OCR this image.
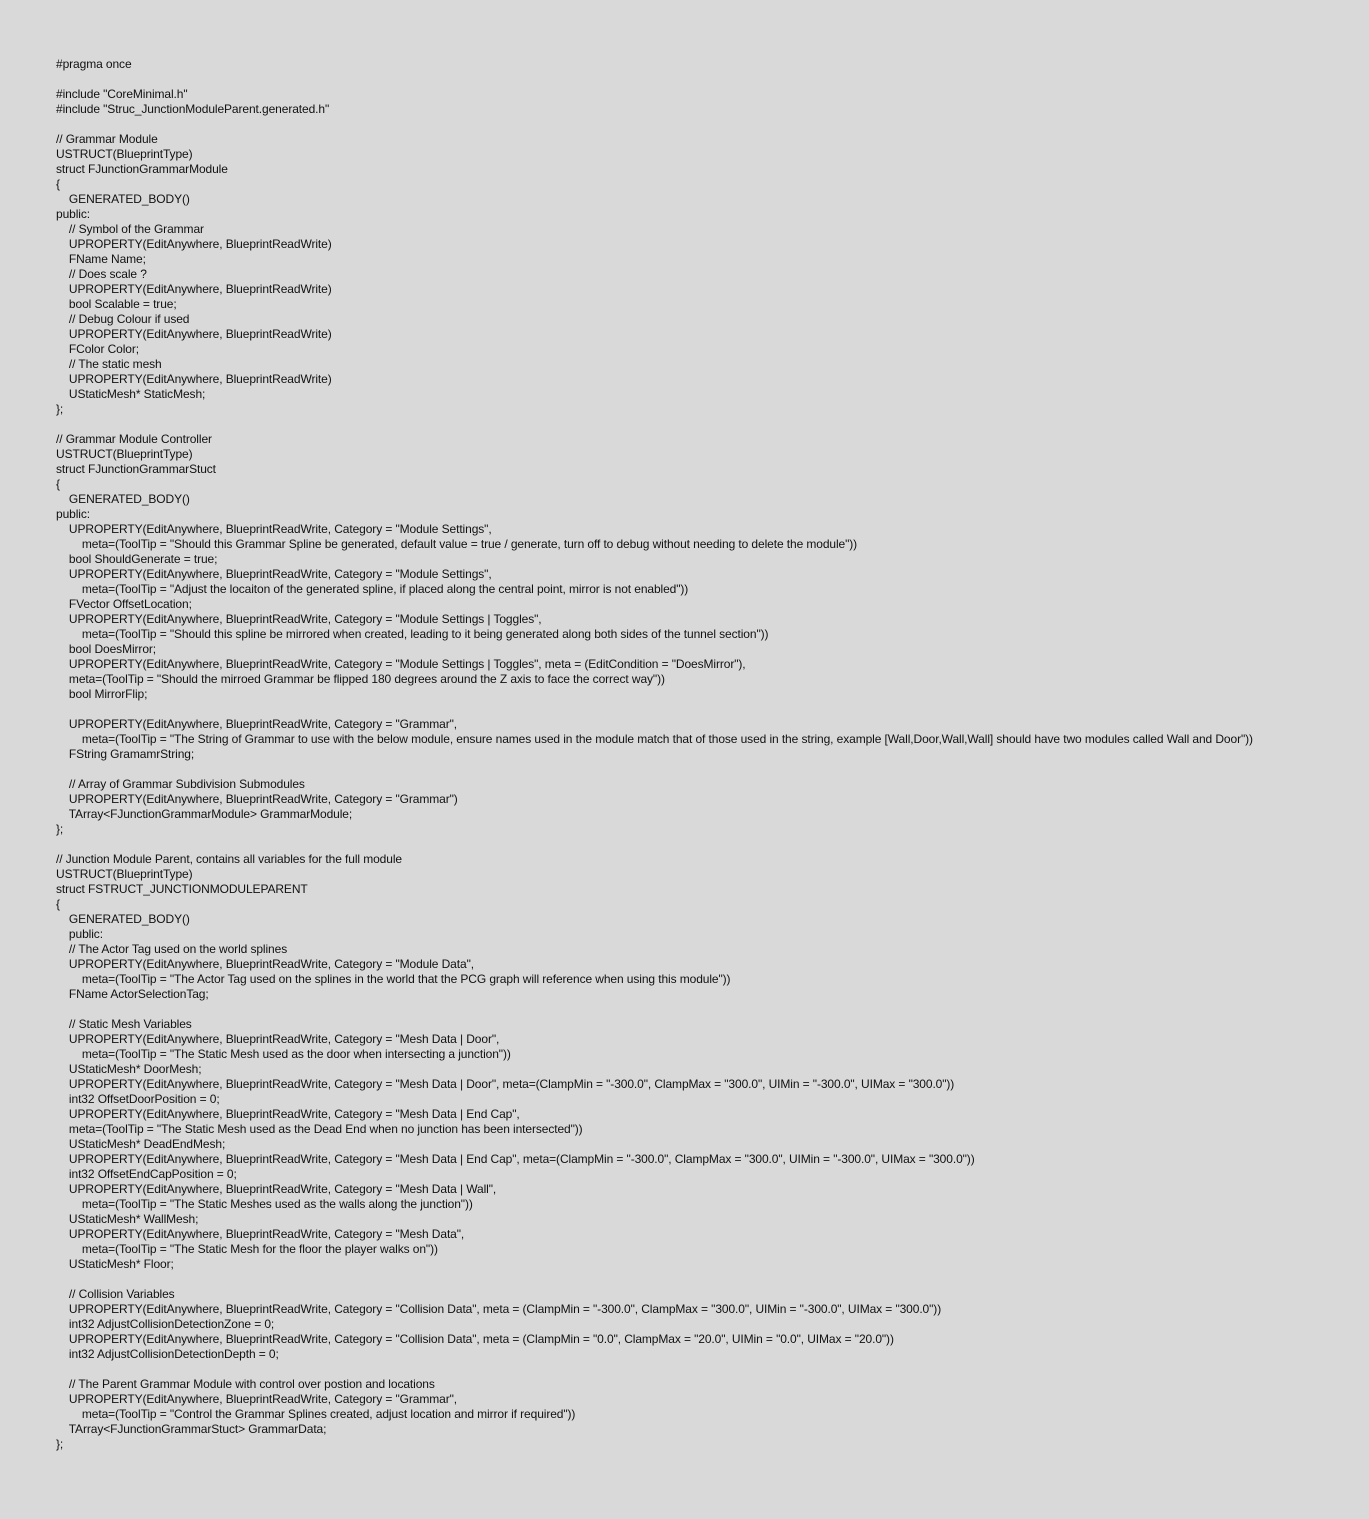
#pragma once
#include "CoreMinimal.h"
#include "Struc_JunctionModuleParent.generated.h"
// Grammar Module
USTRUCT(BlueprintType)
struct FJunctionGrammarModule
{
GENERATED_BODY()
public:
// Symbol of the Grammar
UPROPERTY(EditAnywhere, BlueprintReadWrite)
FName Name;
// Does scale ?
UPROPERTY(EditAnywhere, BlueprintReadWrite)
bool Scalable = true;
// Debug Colour if used
UPROPERTY(EditAnywhere, BlueprintReadWrite)
FColor Color;
// The static mesh
UPROPERTY(EditAnywhere, BlueprintReadWrite)
UStaticMesh* StaticMesh;
};
// Grammar Module Controller
USTRUCT(BlueprintType)
struct FJunctionGrammarStuct
{
GENERATED_BODY()
public:
UPROPERTY(EditAnywhere, BlueprintReadWrite, Category = "Module Settings",
meta=(ToolTip = "Should this Grammar Spline be generated, default value = true / generate, turn off to debug without needing to delete the module"))
bool ShouldGenerate = true;
UPROPERTY(EditAnywhere, BlueprintReadWrite, Category = "Module Settings",
meta=(ToolTip = "Adjust the locaiton of the generated spline, if placed along the central point, mirror is not enabled"))
FVector OffsetLocation;
UPROPERTY(EditAnywhere, BlueprintReadWrite, Category = "Module Settings | Toggles",
meta=(ToolTip = "Should this spline be mirrored when created, leading to it being generated along both sides of the tunnel section"))
bool DoesMirror;
UPROPERTY(EditAnywhere, BlueprintReadWrite, Category = "Module Settings | Toggles", meta = (EditCondition = "DoesMirror"),
meta=(ToolTip = "Should the mirroed Grammar be flipped 180 degrees around the Z axis to face the correct way"))
bool MirrorFlip;
UPROPERTY(EditAnywhere, BlueprintReadWrite, Category = "Grammar",
meta=(ToolTip = "The String of Grammar to use with the below module, ensure names used in the module match that of those used in the string, example [Wall,Door,Wall,Wall] should have two modules called Wall and Door"))
FString GramamrString;
// Array of Grammar Subdivision Submodules
UPROPERTY(EditAnywhere, BlueprintReadWrite, Category = "Grammar")
TArray<FJunctionGrammarModule> GrammarModule;
};
// Junction Module Parent, contains all variables for the full module
USTRUCT(BlueprintType)
struct FSTRUCT_JUNCTIONMODULEPARENT
{
GENERATED_BODY()
public:
// The Actor Tag used on the world splines
UPROPERTY(EditAnywhere, BlueprintReadWrite, Category = "Module Data",
meta=(ToolTip = "The Actor Tag used on the splines in the world that the PCG graph will reference when using this module"))
FName ActorSelectionTag;
// Static Mesh Variables
UPROPERTY(EditAnywhere, BlueprintReadWrite, Category = "Mesh Data | Door",
meta=(ToolTip = "The Static Mesh used as the door when intersecting a junction"))
UStaticMesh* DoorMesh;
UPROPERTY(EditAnywhere, BlueprintReadWrite, Category = "Mesh Data | Door", meta=(ClampMin = "-300.0", ClampMax = "300.0", UIMin = "-300.0", UIMax = "300.0"))
int32 OffsetDoorPosition = 0;
UPROPERTY(EditAnywhere, BlueprintReadWrite, Category = "Mesh Data | End Cap",
meta=(ToolTip = "The Static Mesh used as the Dead End when no junction has been intersected"))
UStaticMesh* DeadEndMesh;
UPROPERTY(EditAnywhere, BlueprintReadWrite, Category = "Mesh Data | End Cap", meta=(ClampMin = "-300.0", ClampMax = "300.0", UIMin = "-300.0", UIMax = "300.0"))
int32 OffsetEndCapPosition = 0;
UPROPERTY(EditAnywhere, BlueprintReadWrite, Category = "Mesh Data | Wall",
meta=(ToolTip = "The Static Meshes used as the walls along the junction"))
UStaticMesh* WallMesh;
UPROPERTY(EditAnywhere, BlueprintReadWrite, Category = "Mesh Data",
meta=(ToolTip = "The Static Mesh for the floor the player walks on"))
UStaticMesh* Floor;
// Collision Variables
UPROPERTY(EditAnywhere, BlueprintReadWrite, Category = "Collision Data", meta = (ClampMin = "-300.0", ClampMax = "300.0", UIMin = "-300.0", UIMax = "300.0"))
int32 AdjustCollisionDetectionZone = 0;
UPROPERTY(EditAnywhere, BlueprintReadWrite, Category = "Collision Data", meta = (ClampMin = "0.0", ClampMax = "20.0", UIMin = "0.0", UIMax = "20.0"))
int32 AdjustCollisionDetectionDepth = 0;
// The Parent Grammar Module with control over postion and locations
UPROPERTY(EditAnywhere, BlueprintReadWrite, Category = "Grammar",
meta=(ToolTip = "Control the Grammar Splines created, adjust location and mirror if required"))
TArray<FJunctionGrammarStuct> GrammarData;
};
